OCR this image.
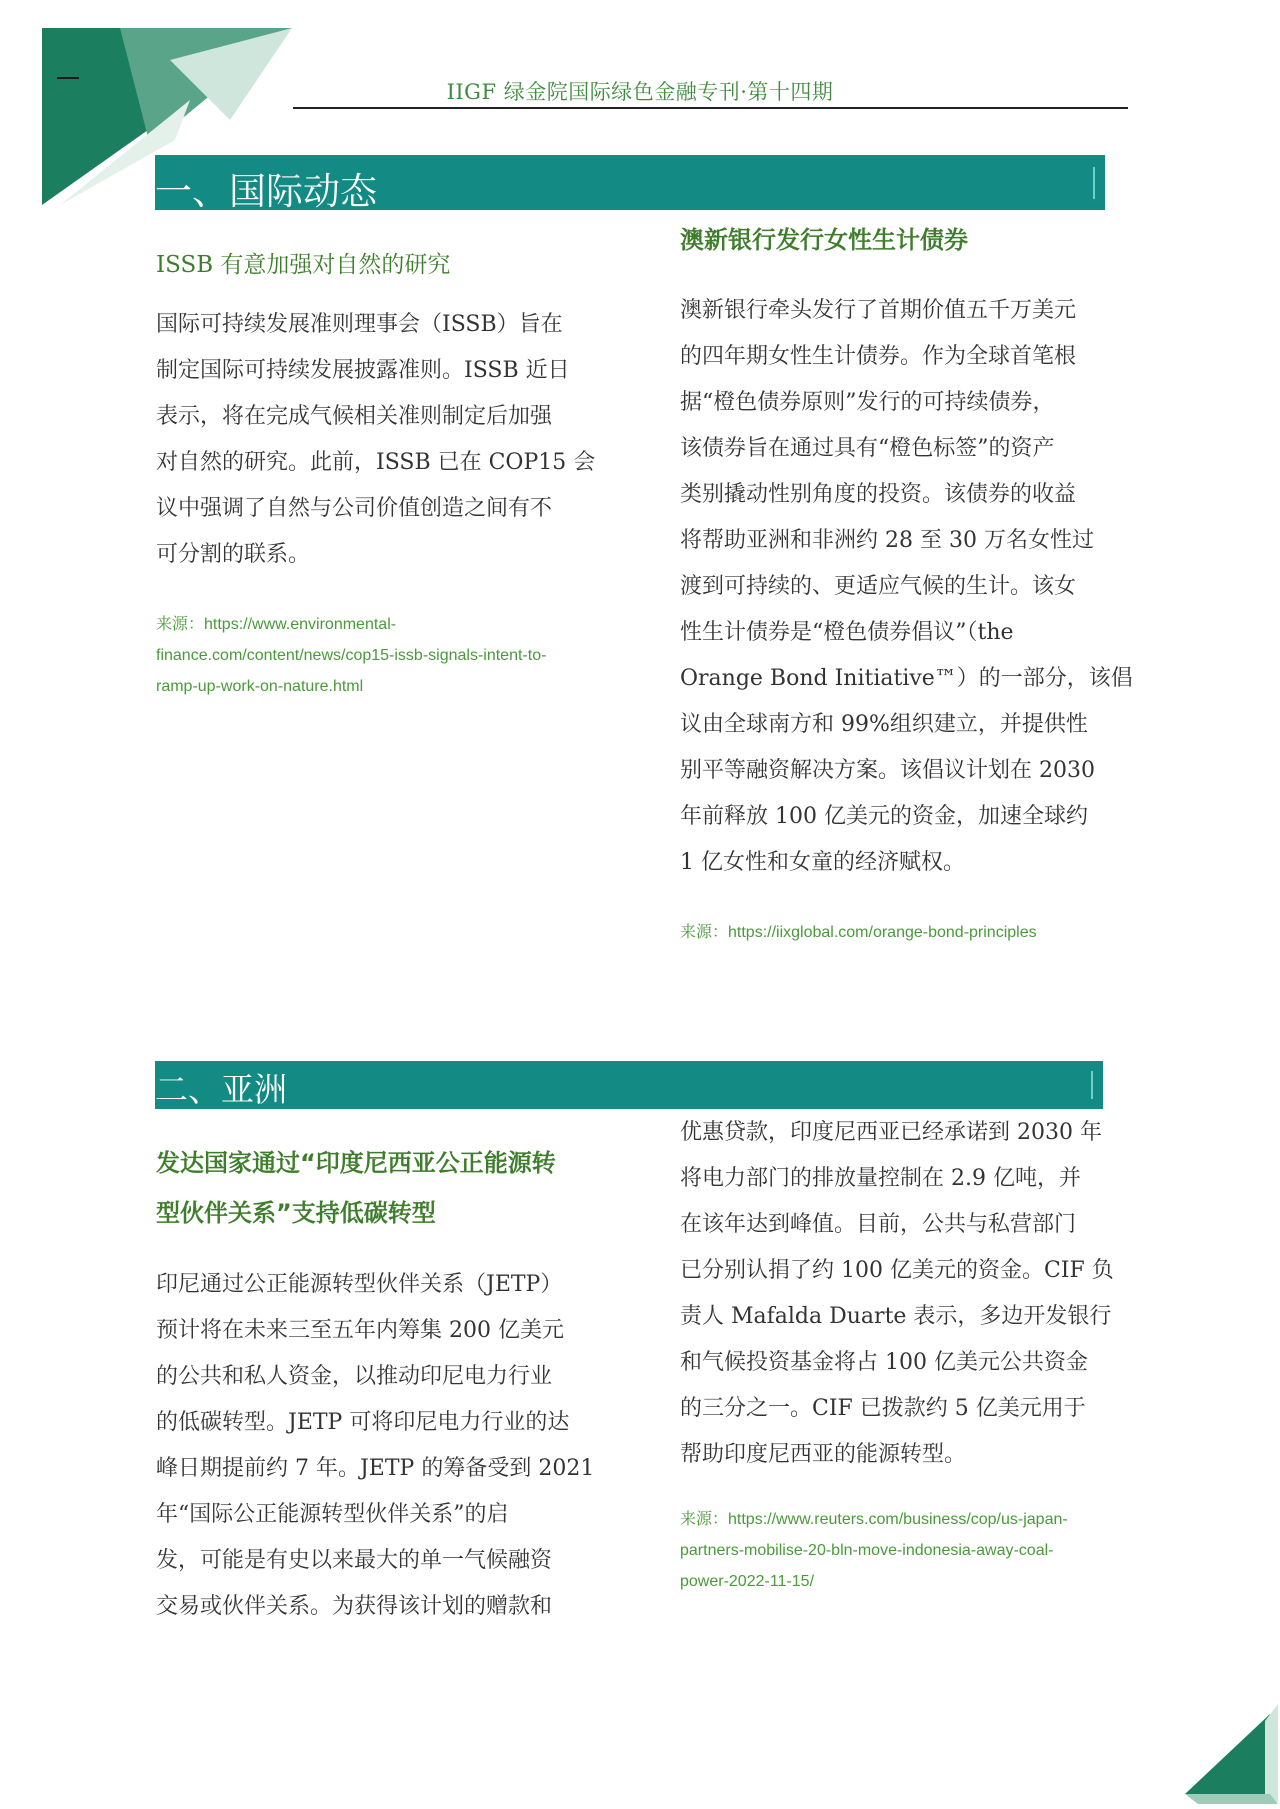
IIGF 绿金院国际绿色金融专刊·第十四期
一、国际动态
ISSB 有意加强对自然的研究
国际可持续发展准则理事会（ISSB）旨在
制定国际可持续发展披露准则。ISSB 近日
表示，将在完成气候相关准则制定后加强
对自然的研究。此前，ISSB 已在 COP15 会
议中强调了自然与公司价值创造之间有不
可分割的联系。
来源：https://www.environmental-
finance.com/content/news/cop15-issb-signals-intent-to-
ramp-up-work-on-nature.html
澳新银行发行女性生计债券
澳新银行牵头发行了首期价值五千万美元
的四年期女性生计债券。作为全球首笔根
据“橙色债券原则”发行的可持续债券，
该债券旨在通过具有“橙色标签”的资产
类别撬动性别角度的投资。该债券的收益
将帮助亚洲和非洲约 28 至 30 万名女性过
渡到可持续的、更适应气候的生计。该女
性生计债券是“橙色债券倡议”（the
Orange Bond Initiative™）的一部分，该倡
议由全球南方和 99%组织建立，并提供性
别平等融资解决方案。该倡议计划在 2030
年前释放 100 亿美元的资金，加速全球约
1 亿女性和女童的经济赋权。
来源：https://iixglobal.com/orange-bond-principles
二、亚洲
发达国家通过“印度尼西亚公正能源转
型伙伴关系”支持低碳转型
印尼通过公正能源转型伙伴关系（JETP）
预计将在未来三至五年内筹集 200 亿美元
的公共和私人资金，以推动印尼电力行业
的低碳转型。JETP 可将印尼电力行业的达
峰日期提前约 7 年。JETP 的筹备受到 2021
年“国际公正能源转型伙伴关系”的启
发，可能是有史以来最大的单一气候融资
交易或伙伴关系。为获得该计划的赠款和
优惠贷款，印度尼西亚已经承诺到 2030 年
将电力部门的排放量控制在 2.9 亿吨，并
在该年达到峰值。目前，公共与私营部门
已分别认捐了约 100 亿美元的资金。CIF 负
责人 Mafalda Duarte 表示，多边开发银行
和气候投资基金将占 100 亿美元公共资金
的三分之一。CIF 已拨款约 5 亿美元用于
帮助印度尼西亚的能源转型。
来源：https://www.reuters.com/business/cop/us-japan-
partners-mobilise-20-bln-move-indonesia-away-coal-
power-2022-11-15/
